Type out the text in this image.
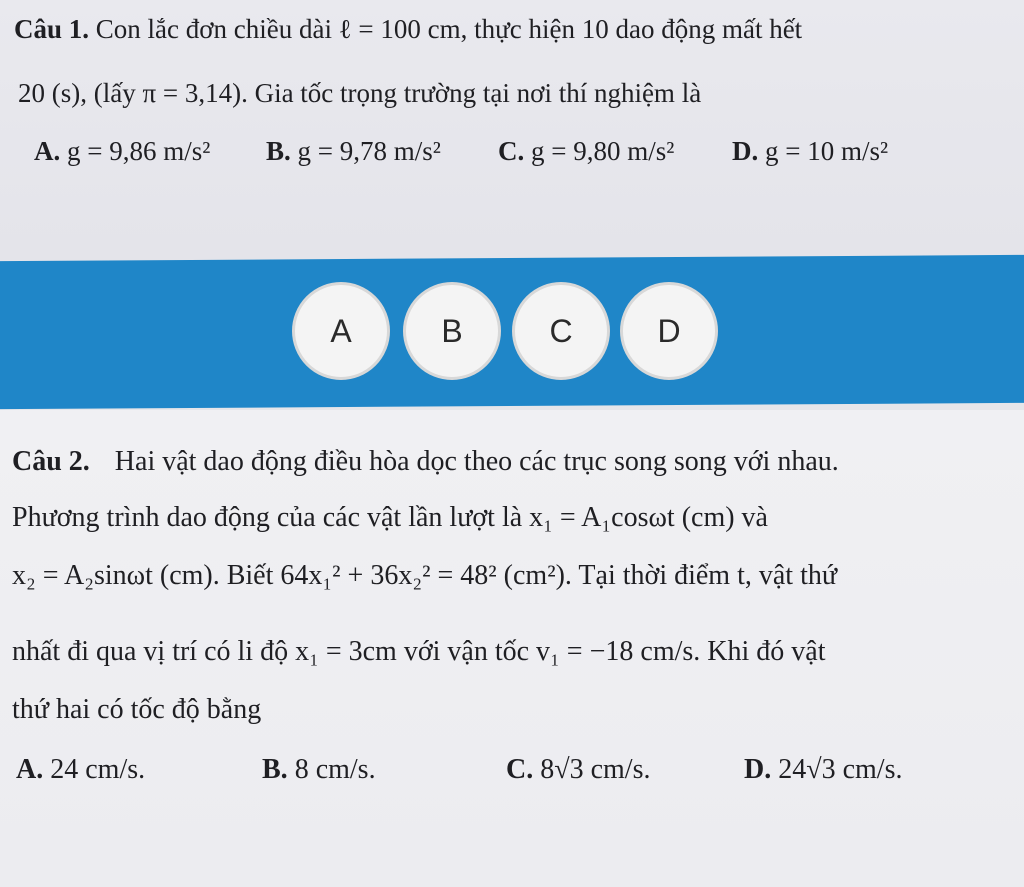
Câu 1. Con lắc đơn chiều dài ℓ = 100 cm, thực hiện 10 dao động mất hết
20 (s), (lấy π = 3,14). Gia tốc trọng trường tại nơi thí nghiệm là
A. g = 9,86 m/s² B. g = 9,78 m/s² C. g = 9,80 m/s² D. g = 10 m/s²
A	B	C	D
Câu 2. Hai vật dao động điều hòa dọc theo các trục song song với nhau.
Phương trình dao động của các vật lần lượt là x₁ = A₁cosωt (cm) và
x₂ = A₂sinωt (cm). Biết 64x₁² + 36x₂² = 48² (cm²). Tại thời điểm t, vật thứ
nhất đi qua vị trí có li độ x₁ = 3cm với vận tốc v₁ = −18 cm/s. Khi đó vật
thứ hai có tốc độ bằng
A. 24 cm/s.	B. 8 cm/s.	C. 8√3 cm/s.	D. 24√3 cm/s.
